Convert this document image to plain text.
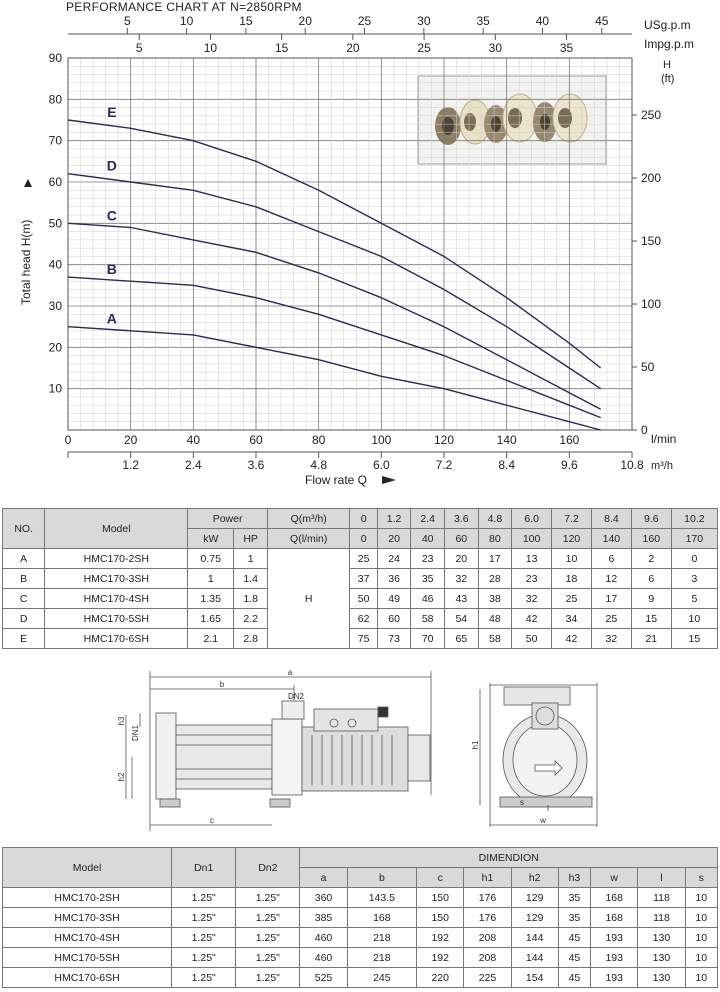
PERFORMANCE CHART AT N=2850RPM
USg.p.m
Impg.p.m
H
(ft)
Total head H(m)
l/min
m³/h
Flow rate Q
10
20
30
40
50
60
70
80
90
0
50
100
150
200
250
0	20	40	60	80	100	120	140	160
1.2	2.4	3.6	4.8	6.0	7.2	8.4	9.6	10.8
5	10	15	20	25	30	35	40	45
5	10	15	20	25	30	35
A
B
C
D
E
NO.	Model	Power		Q(m³/h)	0	1.2	2.4	3.6	4.8	6.0	7.2	8.4	9.6	10.2
		kW	HP	Q(l/min)	0	20	40	60	80	100	120	140	160	170
A	HMC170-2SH	0.75	1	H	25	24	23	20	17	13	10	6	2	0
B	HMC170-3SH	1	1.4		37	36	35	32	28	23	18	12	6	3
C	HMC170-4SH	1.35	1.8		50	49	46	43	38	32	25	17	9	5
D	HMC170-5SH	1.65	2.2		62	60	58	54	48	42	34	25	15	10
E	HMC170-6SH	2.1	2.8		75	73	70	65	58	50	42	32	21	15
a
b
c
h3
h2
DN1
DN2
h1
s
l
w
Model	Dn1	Dn2	DIMENDION								
			a	b	c	h1	h2	h3	w	l	s
HMC170-2SH	1.25"	1.25"	360	143.5	150	176	129	35	168	118	10
HMC170-3SH	1.25"	1.25"	385	168	150	176	129	35	168	118	10
HMC170-4SH	1.25"	1.25"	460	218	192	208	144	45	193	130	10
HMC170-5SH	1.25"	1.25"	460	218	192	208	144	45	193	130	10
HMC170-6SH	1.25"	1.25"	525	245	220	225	154	45	193	130	10
